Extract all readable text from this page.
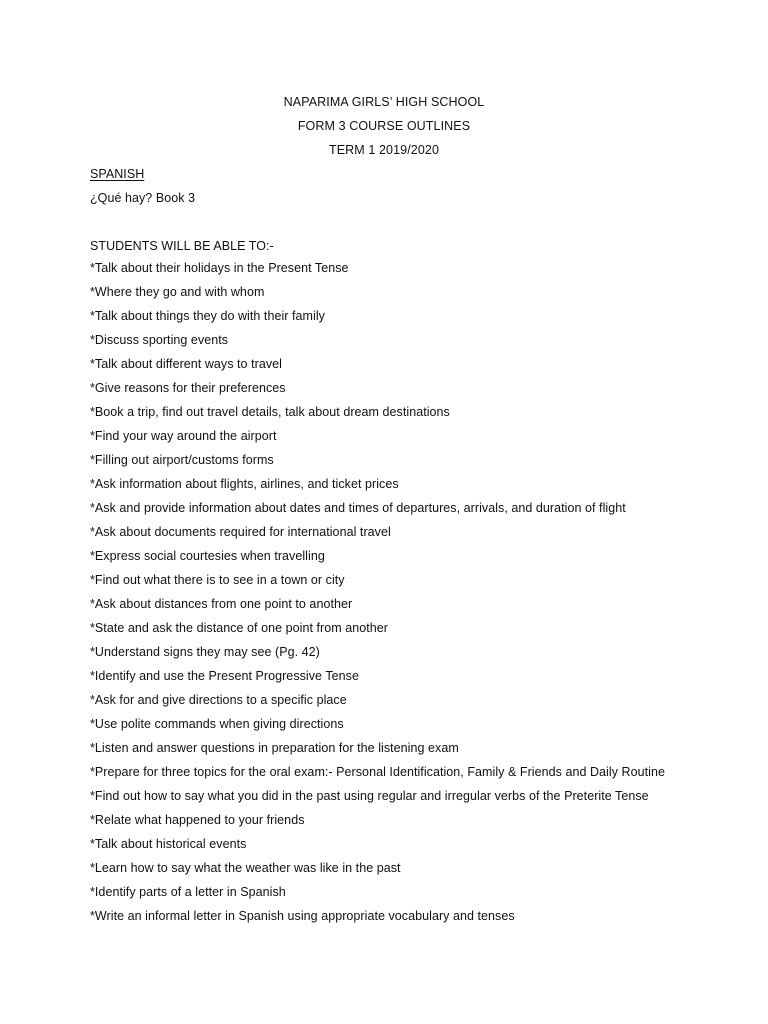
NAPARIMA GIRLS’ HIGH SCHOOL
FORM 3 COURSE OUTLINES
TERM 1 2019/2020
SPANISH
¿Qué hay? Book 3
STUDENTS WILL BE ABLE TO:-
*Talk about their holidays in the Present Tense
*Where they go and with whom
*Talk about things they do with their family
*Discuss sporting events
*Talk about different ways to travel
*Give reasons for their preferences
*Book a trip, find out travel details, talk about dream destinations
*Find your way around the airport
*Filling out airport/customs forms
*Ask information about flights, airlines, and ticket prices
*Ask and provide information about dates and times of departures, arrivals, and duration of flight
*Ask about documents required for international travel
*Express social courtesies when travelling
*Find out what there is to see in a town or city
*Ask about distances from one point to another
*State and ask the distance of one point from another
*Understand signs they may see (Pg. 42)
*Identify and use the Present Progressive Tense
*Ask for and give directions to a specific place
*Use polite commands when giving directions
*Listen and answer questions in preparation for the listening exam
*Prepare for three topics for the oral exam:- Personal Identification, Family & Friends and Daily Routine
*Find out how to say what you did in the past using regular and irregular verbs of the Preterite Tense
*Relate what happened to your friends
*Talk about historical events
*Learn how to say what the weather was like in the past
*Identify parts of a letter in Spanish
*Write an informal letter in Spanish using appropriate vocabulary and tenses
